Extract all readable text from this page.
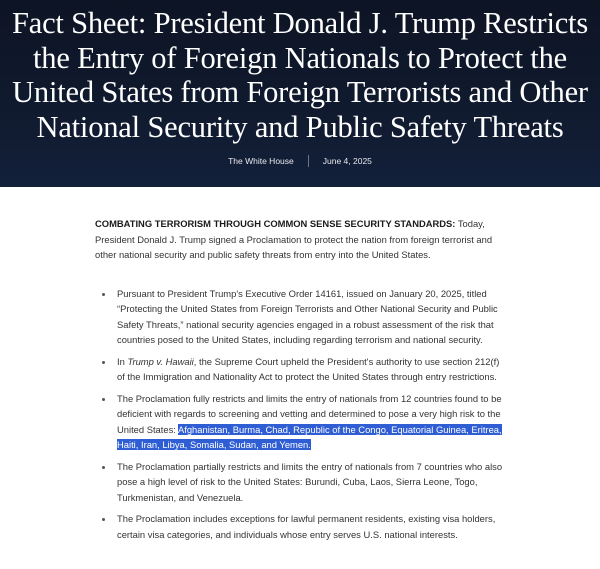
Fact Sheet: President Donald J. Trump Restricts the Entry of Foreign Nationals to Protect the United States from Foreign Terrorists and Other National Security and Public Safety Threats
The White House	June 4, 2025

COMBATING TERRORISM THROUGH COMMON SENSE SECURITY STANDARDS: Today, President Donald J. Trump signed a Proclamation to protect the nation from foreign terrorist and other national security and public safety threats from entry into the United States.

Pursuant to President Trump's Executive Order 14161, issued on January 20, 2025, titled “Protecting the United States from Foreign Terrorists and Other National Security and Public Safety Threats,” national security agencies engaged in a robust assessment of the risk that countries posed to the United States, including regarding terrorism and national security.
In Trump v. Hawaii, the Supreme Court upheld the President's authority to use section 212(f) of the Immigration and Nationality Act to protect the United States through entry restrictions.
The Proclamation fully restricts and limits the entry of nationals from 12 countries found to be deficient with regards to screening and vetting and determined to pose a very high risk to the United States: Afghanistan, Burma, Chad, Republic of the Congo, Equatorial Guinea, Eritrea, Haiti, Iran, Libya, Somalia, Sudan, and Yemen.
The Proclamation partially restricts and limits the entry of nationals from 7 countries who also pose a high level of risk to the United States: Burundi, Cuba, Laos, Sierra Leone, Togo, Turkmenistan, and Venezuela.
The Proclamation includes exceptions for lawful permanent residents, existing visa holders, certain visa categories, and individuals whose entry serves U.S. national interests.
